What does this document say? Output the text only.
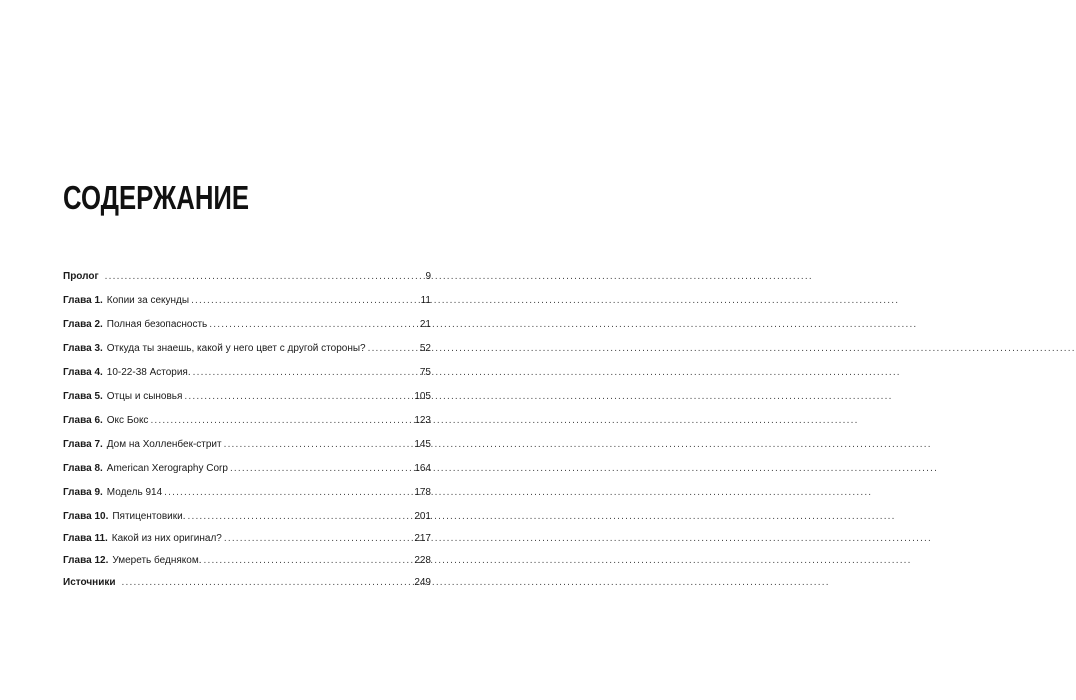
СОДЕРЖАНИЕ
Пролог .....	9
Глава 1. Копии за секунды .....	11
Глава 2. Полная безопасность .....	21
Глава 3. Откуда ты знаешь, какой у него цвет с другой стороны? .....	52
Глава 4. 10-22-38 Астория. .....	75
Глава 5. Отцы и сыновья .....	105
Глава 6. Окс Бокс .....	123
Глава 7. Дом на Холленбек-стрит .....	145
Глава 8. American Xerography Corp .....	164
Глава 9. Модель 914 .....	178
Глава 10. Пятицентовики. .....	201
Глава 11. Какой из них оригинал? .....	217
Глава 12. Умереть бедняком. .....	228
Источники .....	249
